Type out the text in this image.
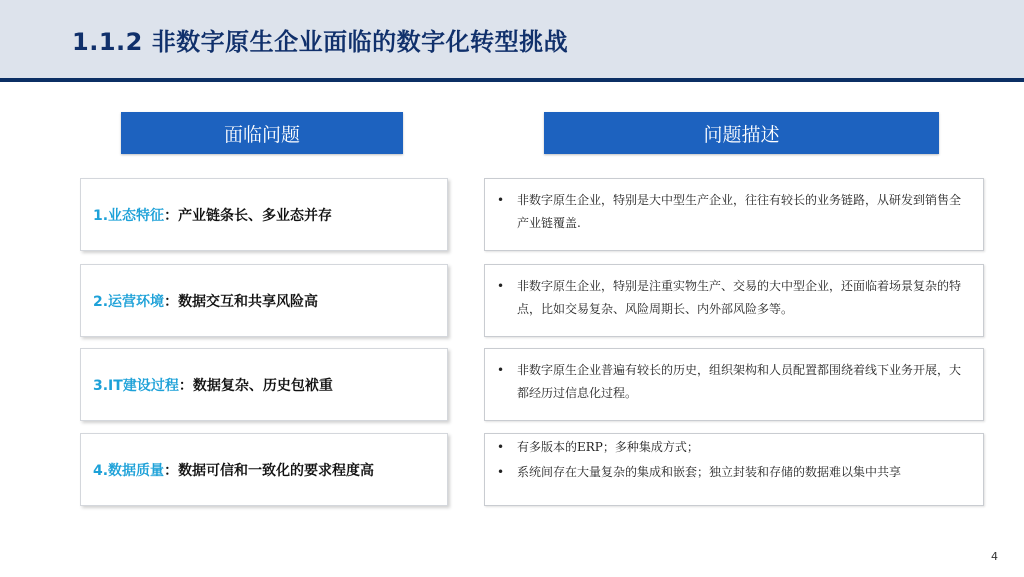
1.1.2 非数字原生企业面临的数字化转型挑战
面临问题	问题描述
1.业态特征 ： 产业链条长、多业态并存
• 非数字原生企业，特别是大中型生产企业，往往有较长的业务链路，从研发到销售全产业链覆盖.
2.运营环境 ： 数据交互和共享风险高
• 非数字原生企业，特别是注重实物生产、交易的大中型企业，还面临着场景复杂的特点，比如交易复杂、风险周期长、内外部风险多等。
3.IT建设过程 ： 数据复杂、历史包袱重
• 非数字原生企业普遍有较长的历史，组织架构和人员配置都围绕着线下业务开展，大都经历过信息化过程。
4.数据质量 ： 数据可信和一致化的要求程度高
• 有多版本的ERP；多种集成方式；
• 系统间存在大量复杂的集成和嵌套；独立封装和存储的数据难以集中共享
4
